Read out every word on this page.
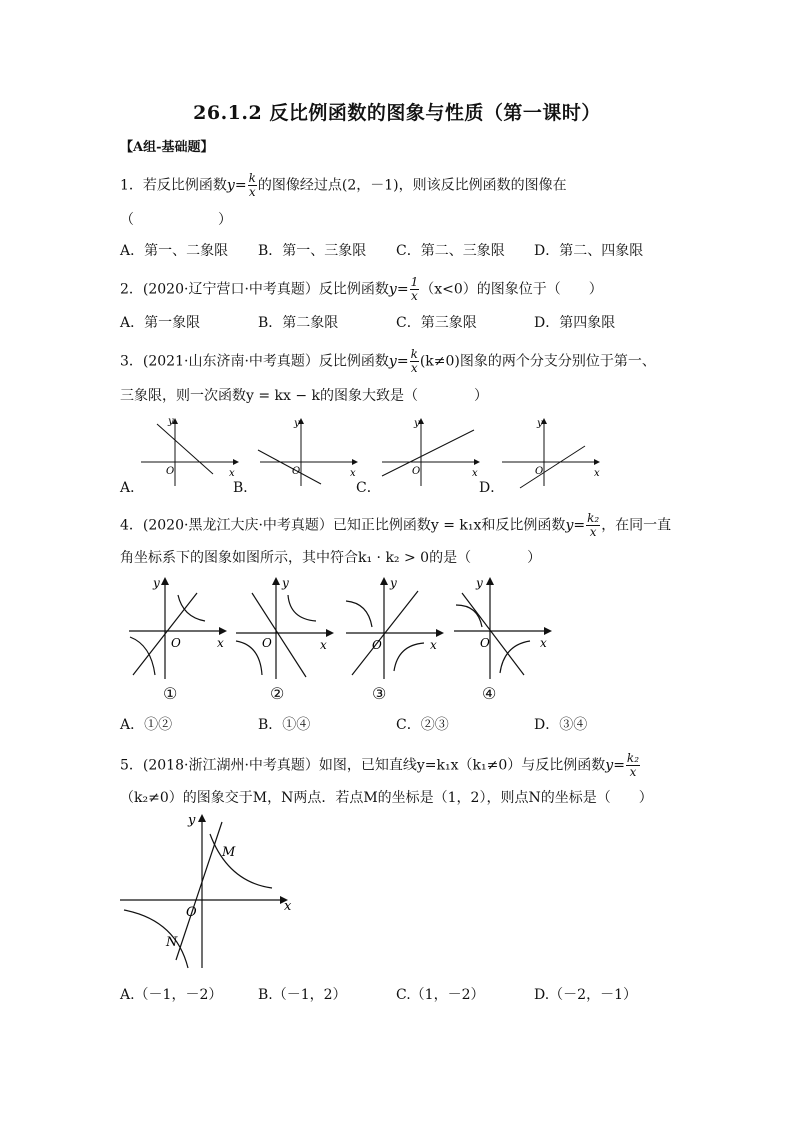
26.1.2 反比例函数的图象与性质（第一课时）
【A组-基础题】
1．若反比例函数$y= \frac{k}{x}$ 的图像经过点(2，－1)，则该反比例函数的图像在
（　　　　　　）
A．第一、二象限 B．第一、三象限 C．第二、三象限 D．第二、四象限
2．(2020·辽宁营口·中考真题）反比例函数$y= \frac{1}{x} (x<0)$的图象位于（　　）
A．第一象限	B．第二象限	C．第三象限	D．第四象限
3．(2021·山东济南·中考真题）反比例函数$y= \frac{k}{x} (k\ne 0)$图象的两个分支分别位于第一、
三象限，则一次函数y = kx − k的图象大致是（　　　　）
O	x
y
A．
O	x
y
B．
O	x
y
C．
O	x
y
D．
4．(2020·黑龙江大庆·中考真题）已知正比例函数y = k₁x和反比例函数$y= \frac{\text{k₂}}{x}$ ，在同一直
角坐标系下的图象如图所示，其中符合k₁ · k₂ > 0的是（　　　　）
O	x
y
①
O	x
y
②
O	x
y
③
O	x
y
④
A．①②	B．①④	C．②③	D．③④
5．(2018·浙江湖州·中考真题）如图，已知直线y=k₁x（k₁≠0）与反比例函数$y= \frac{\text{k₂}}{x}$
（k₂≠0）的图象交于M，N两点．若点M的坐标是（1，2），则点N的坐标是（　　）
O	x
y
M
N
A.（－1，－2）	B.（－1，2）	C.（1，－2）	D.（－2，－1）
